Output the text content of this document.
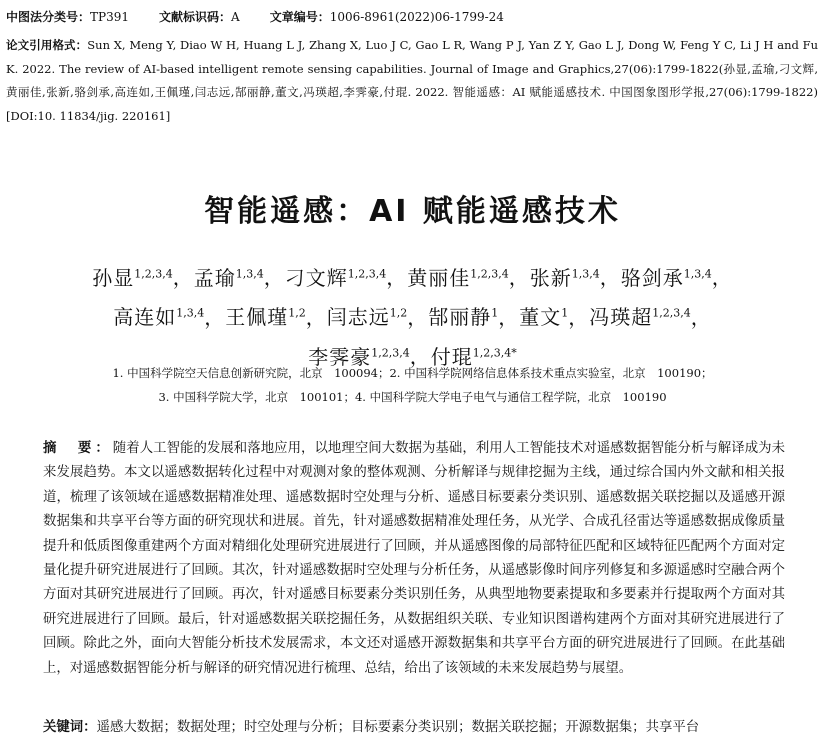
中图法分类号：TP391	文献标识码：A	文章编号：1006-8961(2022)06-1799-24
论文引用格式：Sun X, Meng Y, Diao W H, Huang L J, Zhang X, Luo J C, Gao L R, Wang P J, Yan Z Y, Gao L J, Dong W, Feng Y C, Li J H and Fu K. 2022. The review of AI-based intelligent remote sensing capabilities. Journal of Image and Graphics,27(06):1799-1822(孙显,孟瑜,刁文辉,黄丽佳,张新,骆剑承,高连如,王佩瑾,闫志远,郜丽静,董文,冯瑛超,李霁豪,付琨. 2022. 智能遥感：AI 赋能遥感技术. 中国图象图形学报,27(06):1799-1822)[DOI:10. 11834/jig. 220161]
智能遥感：AI 赋能遥感技术
孙显$^{1,2,3,4}$，孟瑜$^{1,3,4}$，刁文辉$^{1,2,3,4}$，黄丽佳$^{1,2,3,4}$，张新$^{1,3,4}$，骆剑承$^{1,3,4}$，
高连如$^{1,3,4}$，王佩瑾$^{1,2}$，闫志远$^{1,2}$，郜丽静$^1$，董文$^1$，冯瑛超$^{1,2,3,4}$，
李霁豪$^{1,2,3,4}$，付琨$^{1,2,3,4*}$
1. 中国科学院空天信息创新研究院，北京　100094；2. 中国科学院网络信息体系技术重点实验室，北京　100190；
3. 中国科学院大学，北京　100101；4. 中国科学院大学电子电气与通信工程学院，北京　100190
摘　要：随着人工智能的发展和落地应用，以地理空间大数据为基础，利用人工智能技术对遥感数据智能分析与解译成为未来发展趋势。本文以遥感数据转化过程中对观测对象的整体观测、分析解译与规律挖掘为主线，通过综合国内外文献和相关报道，梳理了该领域在遥感数据精准处理、遥感数据时空处理与分析、遥感目标要素分类识别、遥感数据关联挖掘以及遥感开源数据集和共享平台等方面的研究现状和进展。首先，针对遥感数据精准处理任务，从光学、合成孔径雷达等遥感数据成像质量提升和低质图像重建两个方面对精细化处理研究进展进行了回顾，并从遥感图像的局部特征匹配和区域特征匹配两个方面对定量化提升研究进展进行了回顾。其次，针对遥感数据时空处理与分析任务，从遥感影像时间序列修复和多源遥感时空融合两个方面对其研究进展进行了回顾。再次，针对遥感目标要素分类识别任务，从典型地物要素提取和多要素并行提取两个方面对其研究进展进行了回顾。最后，针对遥感数据关联挖掘任务，从数据组织关联、专业知识图谱构建两个方面对其研究进展进行了回顾。除此之外，面向大智能分析技术发展需求，本文还对遥感开源数据集和共享平台方面的研究进展进行了回顾。在此基础上，对遥感数据智能分析与解译的研究情况进行梳理、总结，给出了该领域的未来发展趋势与展望。
关键词：遥感大数据；数据处理；时空处理与分析；目标要素分类识别；数据关联挖掘；开源数据集；共享平台
